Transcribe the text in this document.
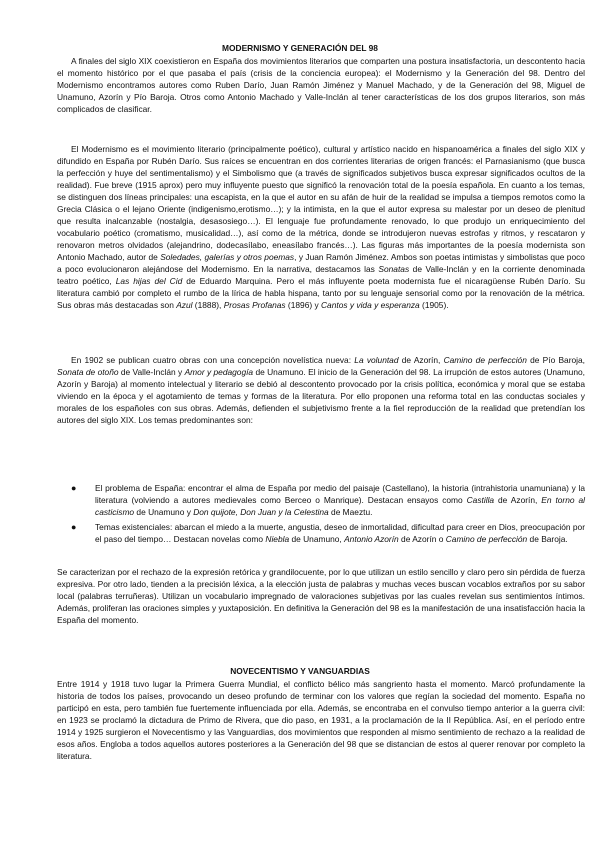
MODERNISMO Y GENERACIÓN DEL 98

A finales del siglo XIX coexistieron en España dos movimientos literarios que comparten una postura insatisfactoria, un descontento hacia el momento histórico por el que pasaba el país (crisis de la conciencia europea): el Modernismo y la Generación del 98. Dentro del Modernismo encontramos autores como Ruben Darío, Juan Ramón Jiménez y Manuel Machado, y de la Generación del 98, Miguel de Unamuno, Azorín y Pío Baroja. Otros como Antonio Machado y Valle-Inclán al tener características de los dos grupos literarios, son más complicados de clasificar.

El Modernismo es el movimiento literario (principalmente poético), cultural y artístico nacido en hispanoamérica a finales del siglo XIX y difundido en España por Rubén Darío. Sus raíces se encuentran en dos corrientes literarias de origen francés: el Parnasianismo (que busca la perfección y huye del sentimentalismo) y el Simbolismo que (a través de significados subjetivos busca expresar significados ocultos de la realidad). Fue breve (1915 aprox) pero muy influyente puesto que significó la renovación total de la poesía española. En cuanto a los temas, se distinguen dos líneas principales: una escapista, en la que el autor en su afán de huir de la realidad se impulsa a tiempos remotos como la Grecia Clásica o el lejano Oriente (indigenismo,erotismo…); y la intimista, en la que el autor expresa su malestar por un deseo de plenitud que resulta inalcanzable (nostalgia, desasosiego…). El lenguaje fue profundamente renovado, lo que produjo un enriquecimiento del vocabulario poético (cromatismo, musicalidad…), así como de la métrica, donde se introdujeron nuevas estrofas y ritmos, y rescataron y renovaron metros olvidados (alejandrino, dodecasílabo, eneasílabo francés…). Las figuras más importantes de la poesía modernista son Antonio Machado, autor de Soledades, galerías y otros poemas, y Juan Ramón Jiménez. Ambos son poetas intimistas y simbolistas que poco a poco evolucionaron alejándose del Modernismo. En la narrativa, destacamos las Sonatas de Valle-Inclán y en la corriente denominada teatro poético, Las hijas del Cid de Eduardo Marquina. Pero el más influyente poeta modernista fue el nicaragüense Rubén Darío. Su literatura cambió por completo el rumbo de la lírica de habla hispana, tanto por su lenguaje sensorial como por la renovación de la métrica. Sus obras más destacadas son Azul (1888), Prosas Profanas (1896) y Cantos y vida y esperanza (1905).

En 1902 se publican cuatro obras con una concepción novelística nueva: La voluntad de Azorín, Camino de perfección de Pío Baroja, Sonata de otoño de Valle-Inclán y Amor y pedagogía de Unamuno. El inicio de la Generación del 98. La irrupción de estos autores (Unamuno, Azorín y Baroja) al momento intelectual y literario se debió al descontento provocado por la crisis política, económica y moral que se estaba viviendo en la época y el agotamiento de temas y formas de la literatura. Por ello proponen una reforma total en las conductas sociales y morales de los españoles con sus obras. Además, defienden el subjetivismo frente a la fiel reproducción de la realidad que pretendían los autores del siglo XIX. Los temas predominantes son:

● El problema de España: encontrar el alma de España por medio del paisaje (Castellano), la historia (intrahistoria unamuniana) y la literatura (volviendo a autores medievales como Berceo o Manrique). Destacan ensayos como Castilla de Azorín, En torno al casticismo de Unamuno y Don quijote, Don Juan y la Celestina de Maeztu.
● Temas existenciales: abarcan el miedo a la muerte, angustia, deseo de inmortalidad, dificultad para creer en Dios, preocupación por el paso del tiempo… Destacan novelas como Niebla de Unamuno, Antonio Azorín de Azorín o Camino de perfección de Baroja.

Se caracterizan por el rechazo de la expresión retórica y grandilocuente, por lo que utilizan un estilo sencillo y claro pero sin pérdida de fuerza expresiva. Por otro lado, tienden a la precisión léxica, a la elección justa de palabras y muchas veces buscan vocablos extraños por su sabor local (palabras terruñeras). Utilizan un vocabulario impregnado de valoraciones subjetivas por las cuales revelan sus sentimientos íntimos. Además, proliferan las oraciones simples y yuxtaposición. En definitiva la Generación del 98 es la manifestación de una insatisfacción hacia la España del momento.

NOVECENTISMO Y VANGUARDIAS

Entre 1914 y 1918 tuvo lugar la Primera Guerra Mundial, el conflicto bélico más sangriento hasta el momento. Marcó profundamente la historia de todos los países, provocando un deseo profundo de terminar con los valores que regían la sociedad del momento. España no participó en esta, pero también fue fuertemente influenciada por ella. Además, se encontraba en el convulso tiempo anterior a la guerra civil: en 1923 se proclamó la dictadura de Primo de Rivera, que dio paso, en 1931, a la proclamación de la II República. Así, en el período entre 1914 y 1925 surgieron el Novecentismo y las Vanguardias, dos movimientos que responden al mismo sentimiento de rechazo a la realidad de esos años. Engloba a todos aquellos autores posteriores a la Generación del 98 que se distancian de estos al querer renovar por completo la literatura.
